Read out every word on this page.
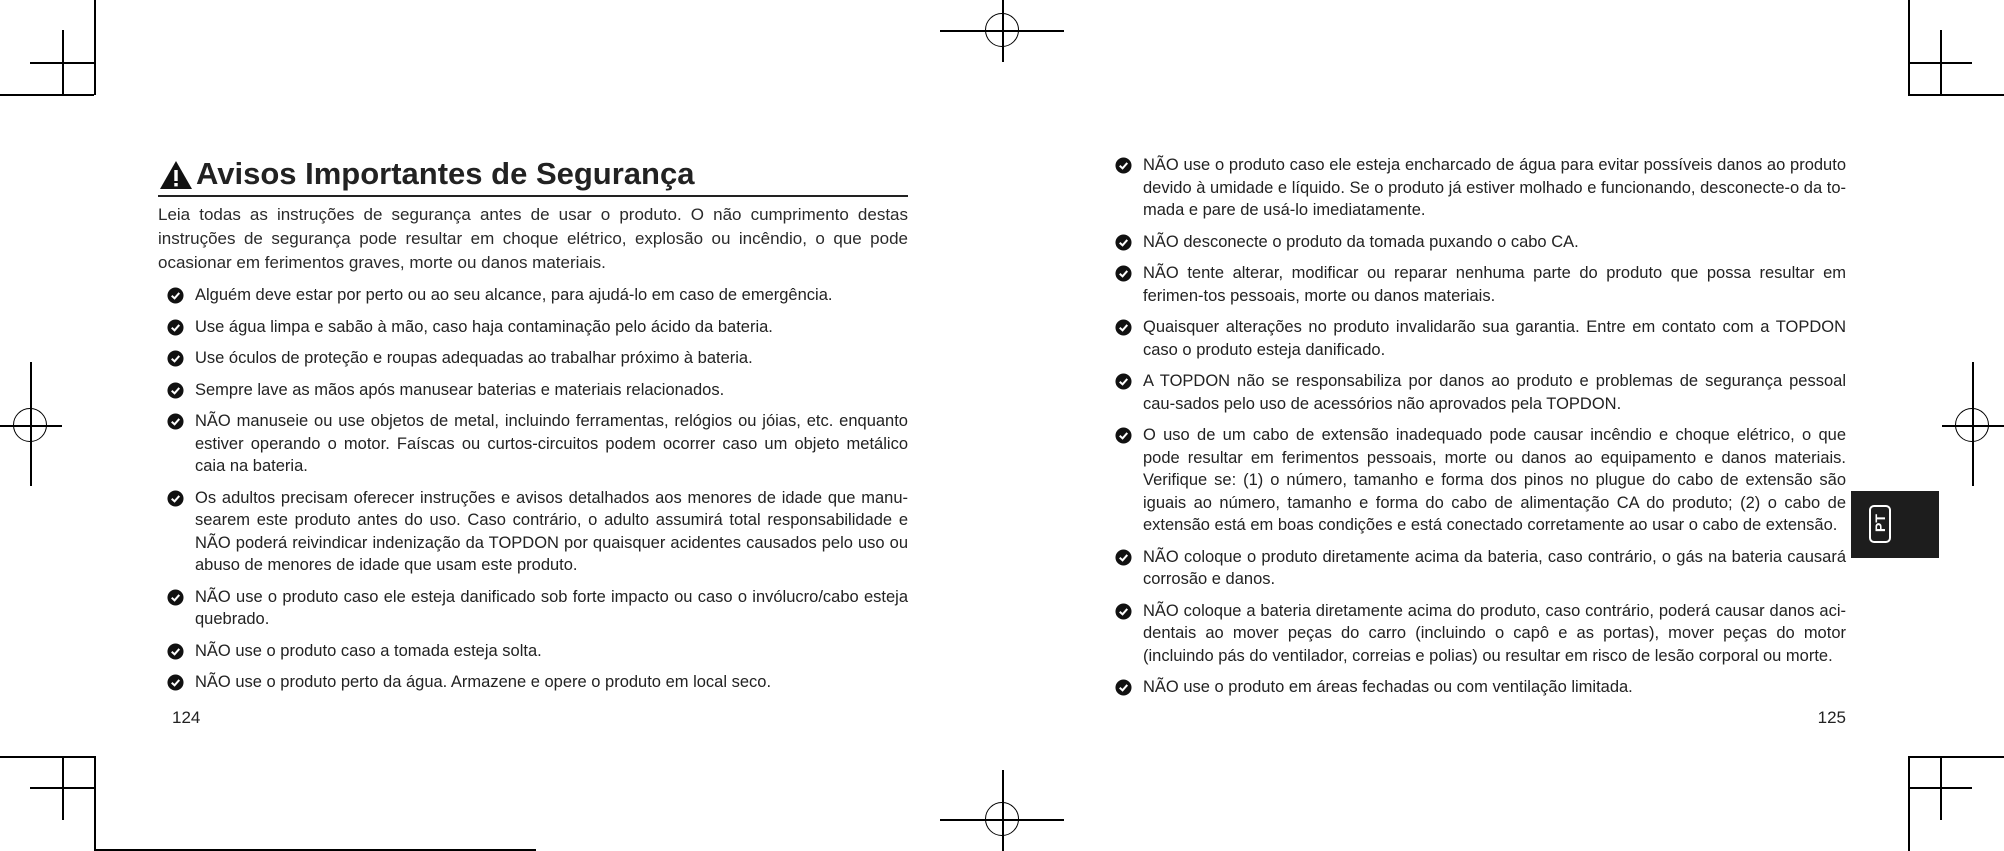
Avisos Importantes de Segurança

Leia todas as instruções de segurança antes de usar o produto. O não cumprimento destas instruções de segurança pode resultar em choque elétrico, explosão ou incêndio, o que pode ocasionar em ferimentos graves, morte ou danos materiais.

Alguém deve estar por perto ou ao seu alcance, para ajudá-lo em caso de emergência.
Use água limpa e sabão à mão, caso haja contaminação pelo ácido da bateria.
Use óculos de proteção e roupas adequadas ao trabalhar próximo à bateria.
Sempre lave as mãos após manusear baterias e materiais relacionados.
NÃO manuseie ou use objetos de metal, incluindo ferramentas, relógios ou jóias, etc. enquanto estiver operando o motor. Faíscas ou curtos-circuitos podem ocorrer caso um objeto metálico caia na bateria.
Os adultos precisam oferecer instruções e avisos detalhados aos menores de idade que manu-searem este produto antes do uso. Caso contrário, o adulto assumirá total responsabilidade e NÃO poderá reivindicar indenização da TOPDON por quaisquer acidentes causados pelo uso ou abuso de menores de idade que usam este produto.
NÃO use o produto caso ele esteja danificado sob forte impacto ou caso o invólucro/cabo esteja quebrado.
NÃO use o produto caso a tomada esteja solta.
NÃO use o produto perto da água. Armazene e opere o produto em local seco.
124
NÃO use o produto caso ele esteja encharcado de água para evitar possíveis danos ao produto devido à umidade e líquido. Se o produto já estiver molhado e funcionando, desconecte-o da to-mada e pare de usá-lo imediatamente.
NÃO desconecte o produto da tomada puxando o cabo CA.
NÃO tente alterar, modificar ou reparar nenhuma parte do produto que possa resultar em ferimen-tos pessoais, morte ou danos materiais.
Quaisquer alterações no produto invalidarão sua garantia. Entre em contato com a TOPDON caso o produto esteja danificado.
A TOPDON não se responsabiliza por danos ao produto e problemas de segurança pessoal cau-sados pelo uso de acessórios não aprovados pela TOPDON.
O uso de um cabo de extensão inadequado pode causar incêndio e choque elétrico, o que pode resultar em ferimentos pessoais, morte ou danos ao equipamento e danos materiais. Verifique se: (1) o número, tamanho e forma dos pinos no plugue do cabo de extensão são iguais ao número, tamanho e forma do cabo de alimentação CA do produto; (2) o cabo de extensão está em boas condições e está conectado corretamente ao usar o cabo de extensão.
NÃO coloque o produto diretamente acima da bateria, caso contrário, o gás na bateria causará corrosão e danos.
NÃO coloque a bateria diretamente acima do produto, caso contrário, poderá causar danos aci-dentais ao mover peças do carro (incluindo o capô e as portas), mover peças do motor (incluindo pás do ventilador, correias e polias) ou resultar em risco de lesão corporal ou morte.
NÃO use o produto em áreas fechadas ou com ventilação limitada.
125
PT
